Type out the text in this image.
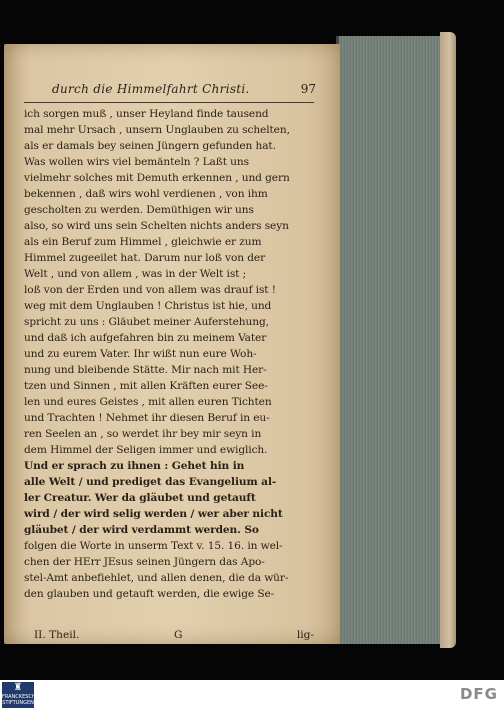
durch die Himmelfahrt Christi.	97
ich sorgen muß , unser Heyland finde tausend
mal mehr Ursach , unsern Unglauben zu schelten,
als er damals bey seinen Jüngern gefunden hat.
Was wollen wirs viel bemänteln ? Laßt uns
vielmehr solches mit Demuth erkennen , und gern
bekennen , daß wirs wohl verdienen , von ihm
gescholten zu werden. Demüthigen wir uns
also, so wird uns sein Schelten nichts anders seyn
als ein Beruf zum Himmel , gleichwie er zum
Himmel zugeeilet hat. Darum nur loß von der
Welt , und von allem , was in der Welt ist ;
loß von der Erden und von allem was drauf ist !
weg mit dem Unglauben ! Christus ist hie, und
spricht zu uns : Gläubet meiner Auferstehung,
und daß ich aufgefahren bin zu meinem Vater
und zu eurem Vater. Ihr wißt nun eure Woh-
nung und bleibende Stätte. Mir nach mit Her-
tzen und Sinnen , mit allen Kräften eurer See-
len und eures Geistes , mit allen euren Tichten
und Trachten ! Nehmet ihr diesen Beruf in eu-
ren Seelen an , so werdet ihr bey mir seyn in
dem Himmel der Seligen immer und ewiglich.
Und er sprach zu ihnen : Gehet hin in
alle Welt / und prediget das Evangelium al-
ler Creatur. Wer da gläubet und getauft
wird / der wird selig werden / wer aber nicht
gläubet / der wird verdammt werden. So
folgen die Worte in unserm Text v. 15. 16. in wel-
chen der HErr JEsus seinen Jüngern das Apo-
stel-Amt anbefiehlet, und allen denen, die da wür-
den glauben und getauft werden, die ewige Se-
II. Theil.	G	lig-
♜
FRANCKESCHE STIFTUNGEN	DFG
